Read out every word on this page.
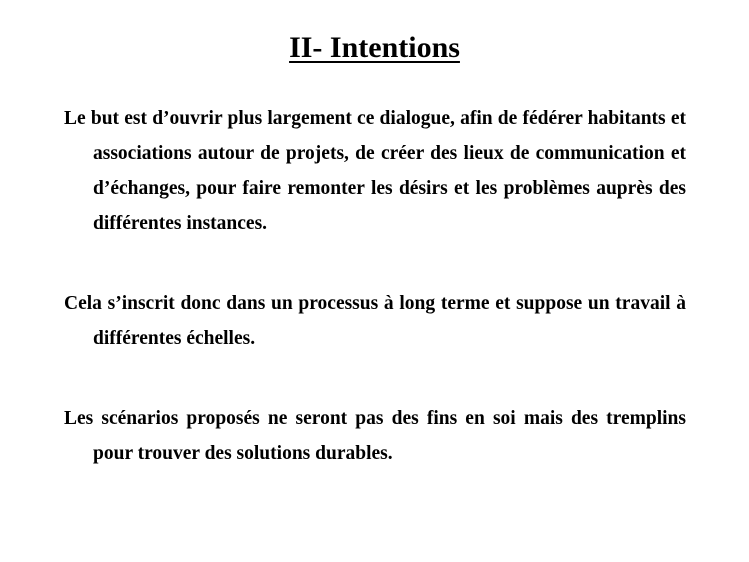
II- Intentions

Le but est d’ouvrir plus largement ce dialogue, afin de fédérer habitants et associations autour de projets, de créer des lieux de communication et d’échanges, pour faire remonter les désirs et les problèmes auprès des différentes instances.

Cela s’inscrit donc dans un processus à long terme et suppose un travail à différentes échelles.

Les scénarios proposés ne seront pas des fins en soi mais des tremplins pour trouver des solutions durables.
